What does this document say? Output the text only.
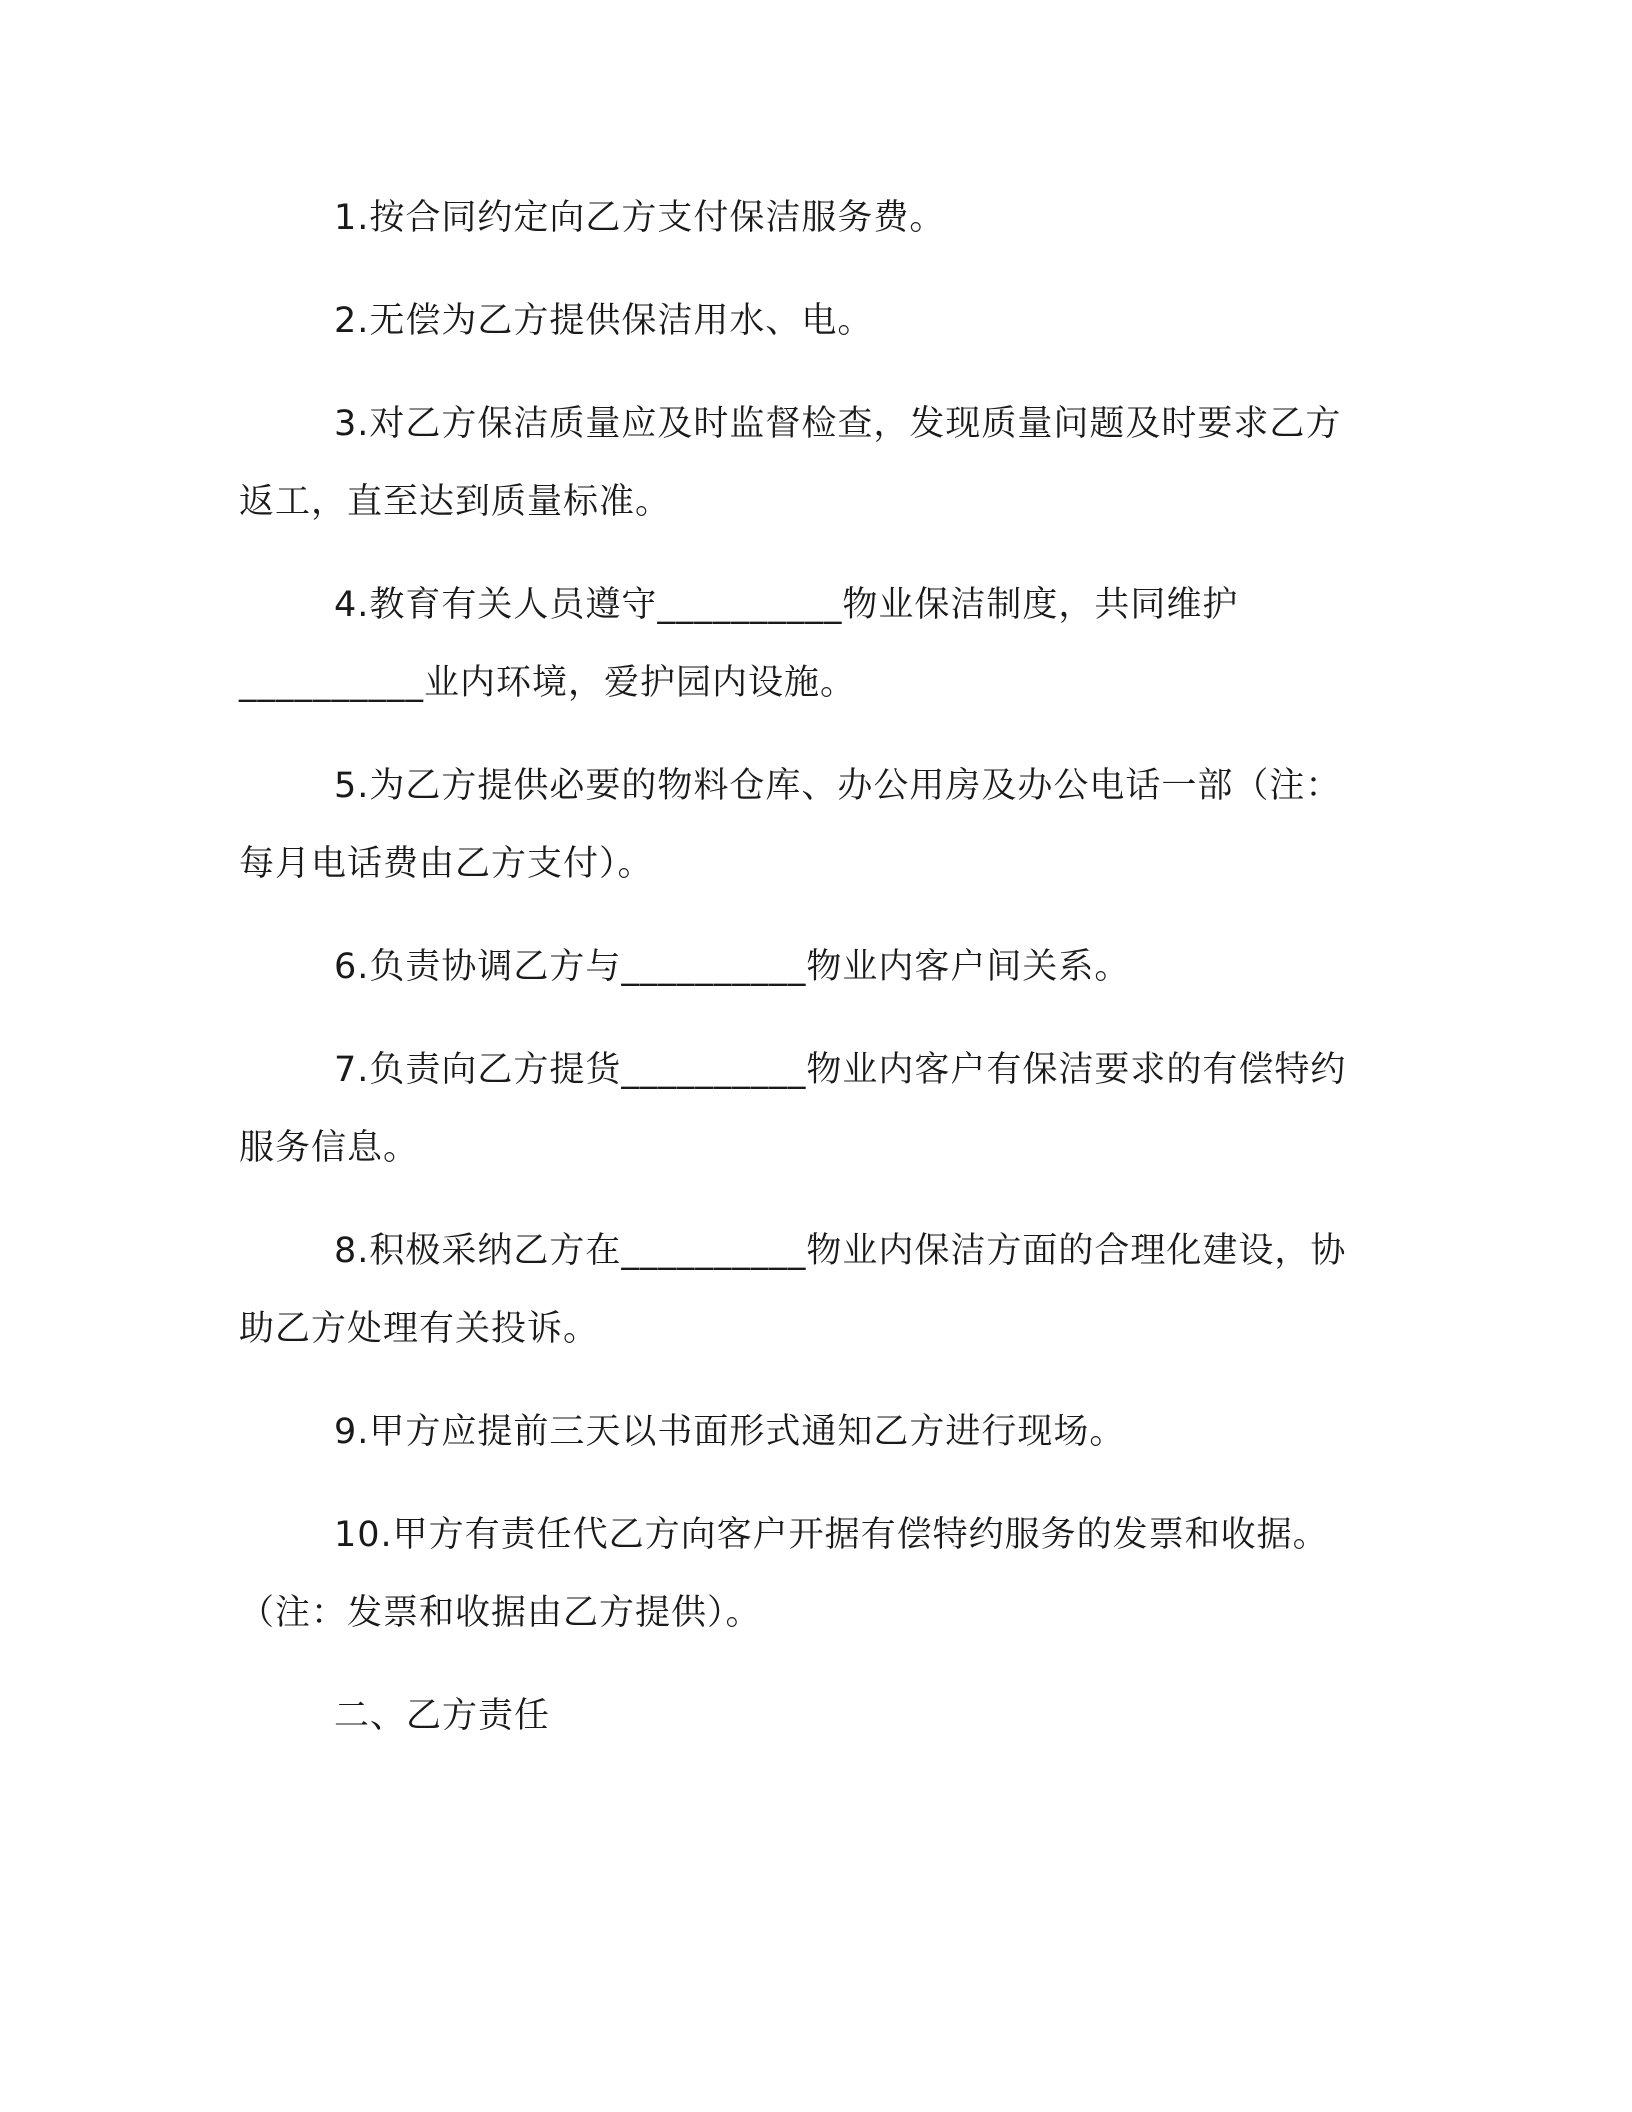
1.按合同约定向乙方支付保洁服务费。
2.无偿为乙方提供保洁用水、电。
3.对乙方保洁质量应及时监督检查，发现质量问题及时要求乙方
返工，直至达到质量标准。
4.教育有关人员遵守__________物业保洁制度，共同维护
__________业内环境，爱护园内设施。
5.为乙方提供必要的物料仓库、办公用房及办公电话一部（注：
每月电话费由乙方支付）。
6.负责协调乙方与__________物业内客户间关系。
7.负责向乙方提货__________物业内客户有保洁要求的有偿特约
服务信息。
8.积极采纳乙方在__________物业内保洁方面的合理化建设，协
助乙方处理有关投诉。
9.甲方应提前三天以书面形式通知乙方进行现场。
10.甲方有责任代乙方向客户开据有偿特约服务的发票和收据。
（注：发票和收据由乙方提供）。
二、乙方责任
